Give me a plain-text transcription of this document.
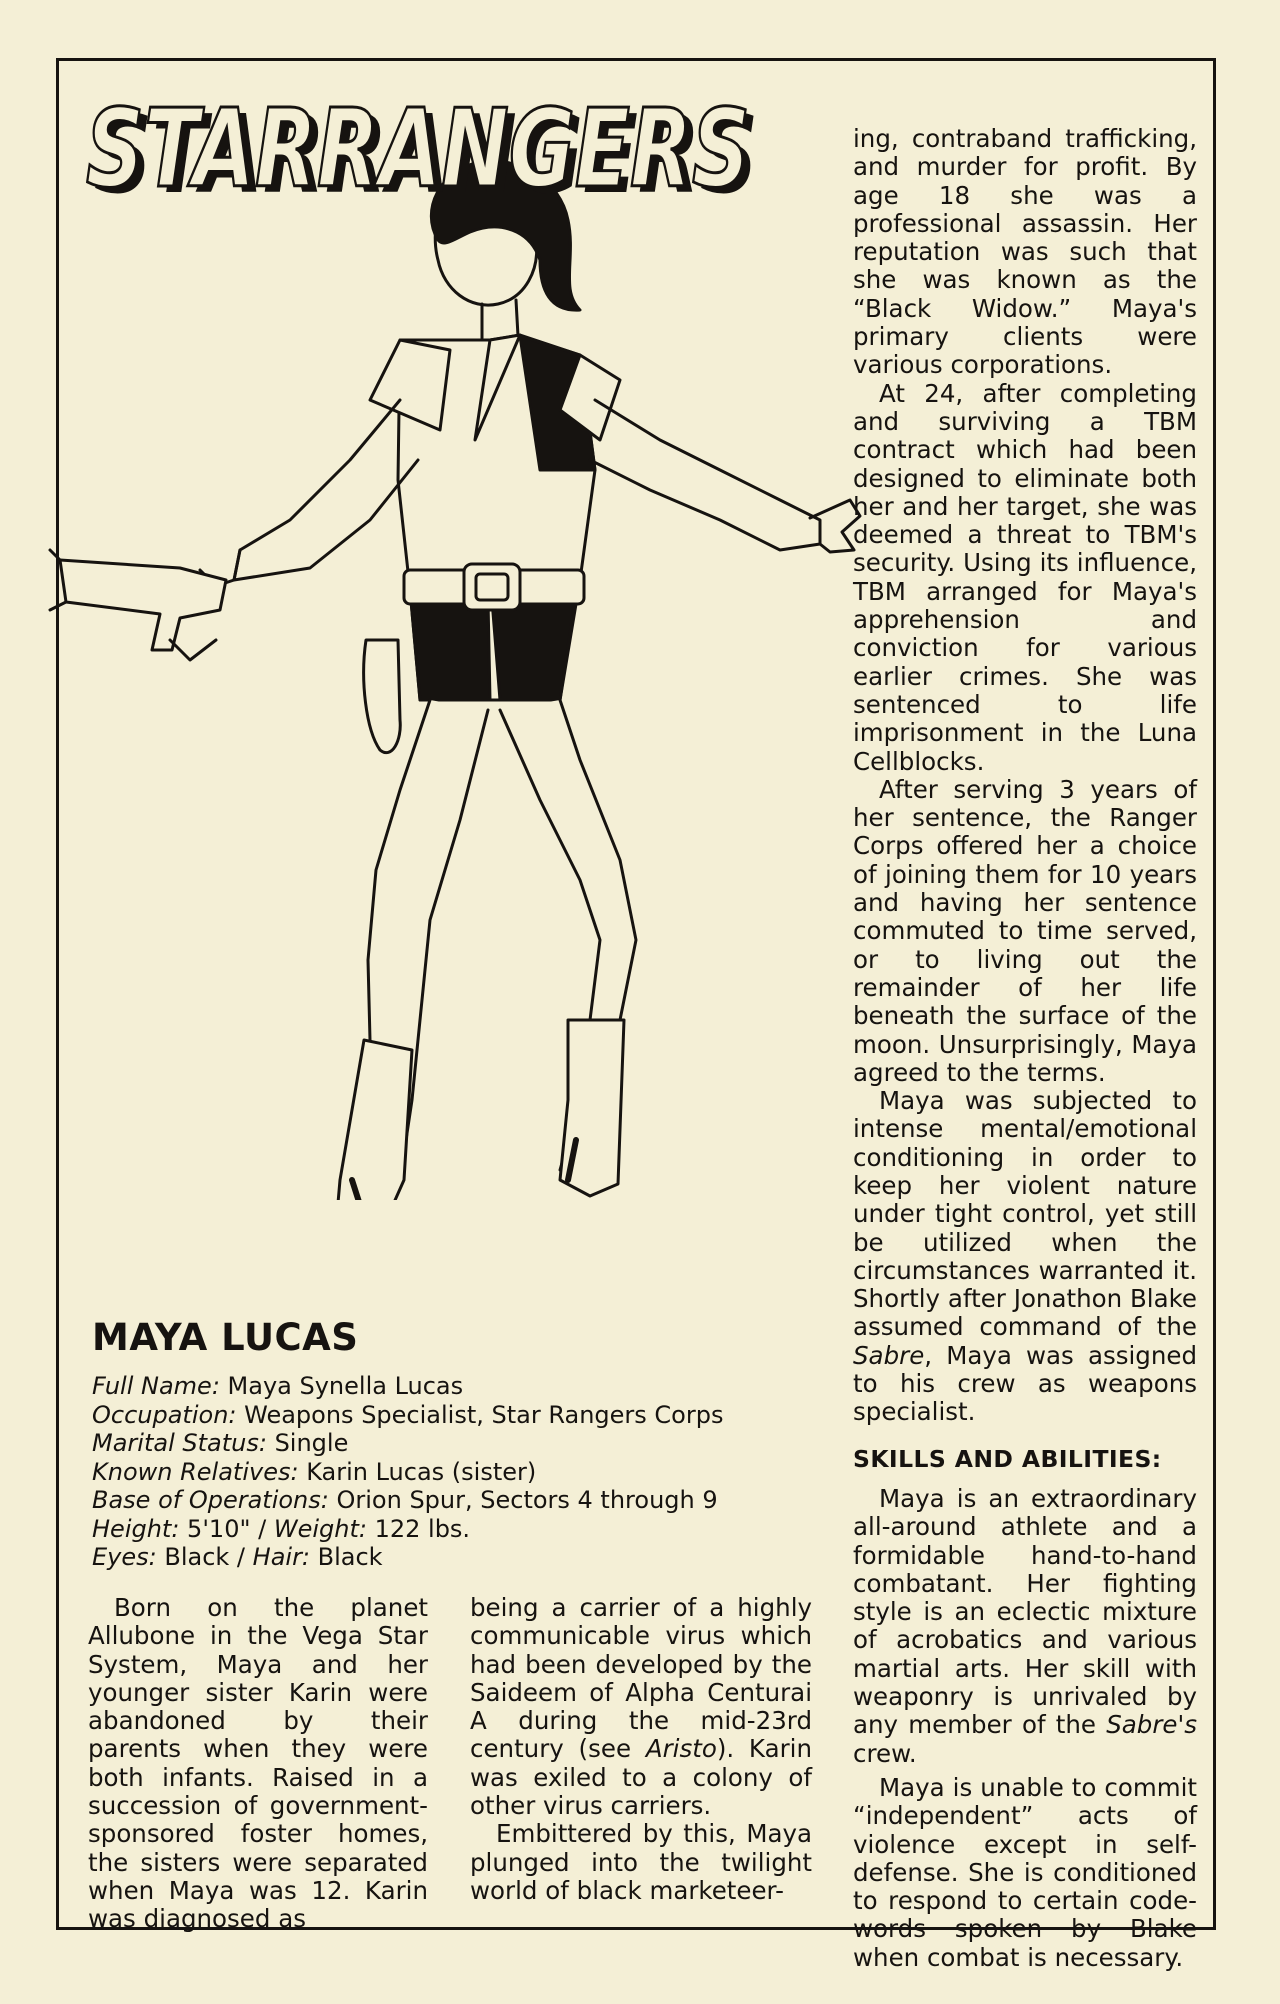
STARRANGERS
STARRANGERS	ing, contraband trafficking, and murder for profit. By age 18 she was a professional assassin. Her reputation was such that she was known as the “Black Widow.” Maya's primary clients were various corporations.

At 24, after completing and surviving a TBM contract which had been designed to eliminate both her and her target, she was deemed a threat to TBM's security. Using its influence, TBM arranged for Maya's apprehension and conviction for various earlier crimes. She was sentenced to life imprisonment in the Luna Cellblocks.

After serving 3 years of her sentence, the Ranger Corps offered her a choice of joining them for 10 years and having her sentence commuted to time served, or to living out the remainder of her life beneath the surface of the moon. Unsurprisingly, Maya agreed to the terms.

Maya was subjected to intense mental/emotional conditioning in order to keep her violent nature under tight control, yet still be utilized when the circumstances warranted it. Shortly after Jonathon Blake assumed command of the Sabre, Maya was assigned to his crew as weapons specialist.

SKILLS AND ABILITIES:

Maya is an extraordinary all-around athlete and a formidable hand-to-hand combatant. Her fighting style is an eclectic mixture of acrobatics and various martial arts. Her skill with weaponry is unrivaled by any member of the Sabre's crew.

Maya is unable to commit “independent” acts of violence except in self-defense. She is conditioned to respond to certain code-words spoken by Blake when combat is necessary.

MAYA LUCAS
Full Name: Maya Synella Lucas
Occupation: Weapons Specialist, Star Rangers Corps
Marital Status: Single
Known Relatives: Karin Lucas (sister)
Base of Operations: Orion Spur, Sectors 4 through 9
Height: 5'10" / Weight: 122 lbs.
Eyes: Black / Hair: Black

Born on the planet Allubone in the Vega Star System, Maya and her younger sister Karin were abandoned by their parents when they were both infants. Raised in a succession of government-sponsored foster homes, the sisters were separated when Maya was 12. Karin was diagnosed as

being a carrier of a highly communicable virus which had been developed by the Saideem of Alpha Centurai A during the mid-23rd century (see Aristo). Karin was exiled to a colony of other virus carriers.

Embittered by this, Maya plunged into the twilight world of black marketeer-
